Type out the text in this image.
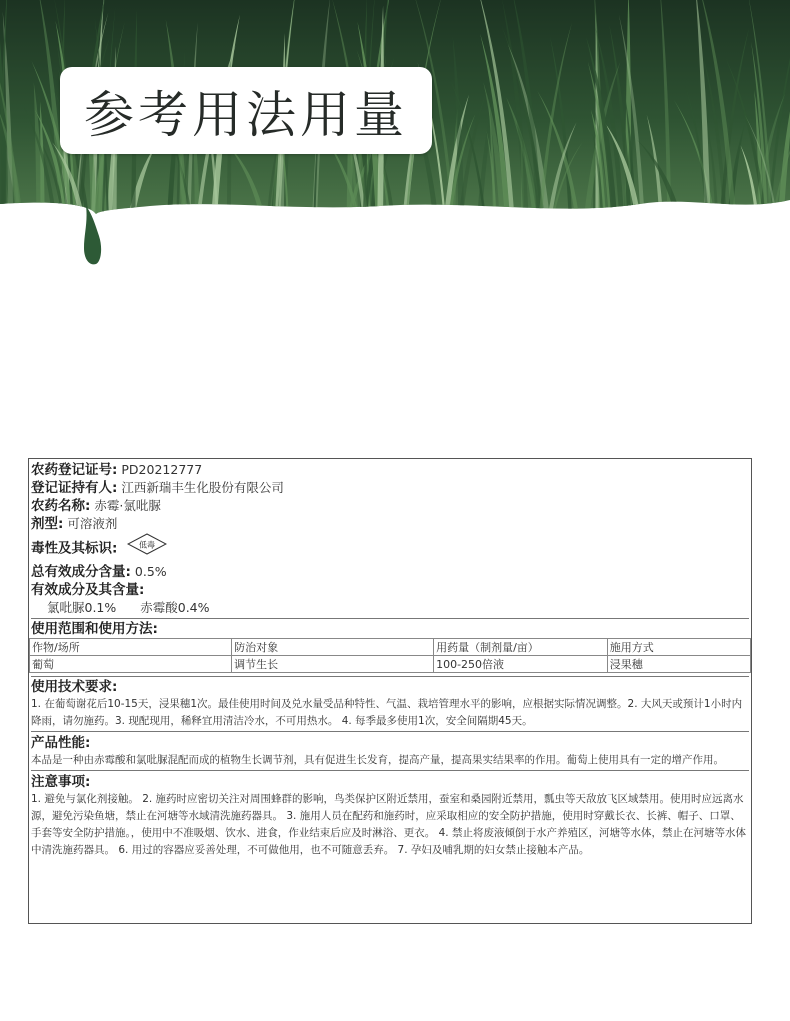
参考用法用量
农药登记证号: PD20212777
登记证持有人: 江西新瑞丰生化股份有限公司
农药名称: 赤霉·氯吡脲
剂型: 可溶液剂
毒性及其标识:	低毒
总有效成分含量: 0.5%
有效成分及其含量:
氯吡脲0.1% 赤霉酸0.4%
使用范围和使用方法:
作物/场所	防治对象	用药量（制剂量/亩）	施用方式
葡萄	调节生长	100-250倍液	浸果穗
使用技术要求:
1. 在葡萄谢花后10-15天，浸果穗1次。最佳使用时间及兑水量受品种特性、气温、栽培管理水平的影响，应根据实际情况调整。2. 大风天或预计1小时内降雨，请勿施药。3. 现配现用，稀释宜用清洁冷水，不可用热水。 4. 每季最多使用1次，安全间隔期45天。
产品性能:
本品是一种由赤霉酸和氯吡脲混配而成的植物生长调节剂，具有促进生长发育，提高产量，提高果实结果率的作用。葡萄上使用具有一定的增产作用。
注意事项:
1. 避免与氯化剂接触。 2. 施药时应密切关注对周围蜂群的影响，鸟类保护区附近禁用，蚕室和桑园附近禁用，瓢虫等天敌放飞区域禁用。使用时应远离水源，避免污染鱼塘，禁止在河塘等水域清洗施药器具。 3. 施用人员在配药和施药时，应采取相应的安全防护措施，使用时穿戴长衣、长裤、帽子、口罩、手套等安全防护措施。，使用中不准吸烟、饮水、进食，作业结束后应及时淋浴、更衣。 4. 禁止将废液倾倒于水产养殖区，河塘等水体，禁止在河塘等水体中清洗施药器具。 6. 用过的容器应妥善处理，不可做他用，也不可随意丢弃。 7. 孕妇及哺乳期的妇女禁止接触本产品。
